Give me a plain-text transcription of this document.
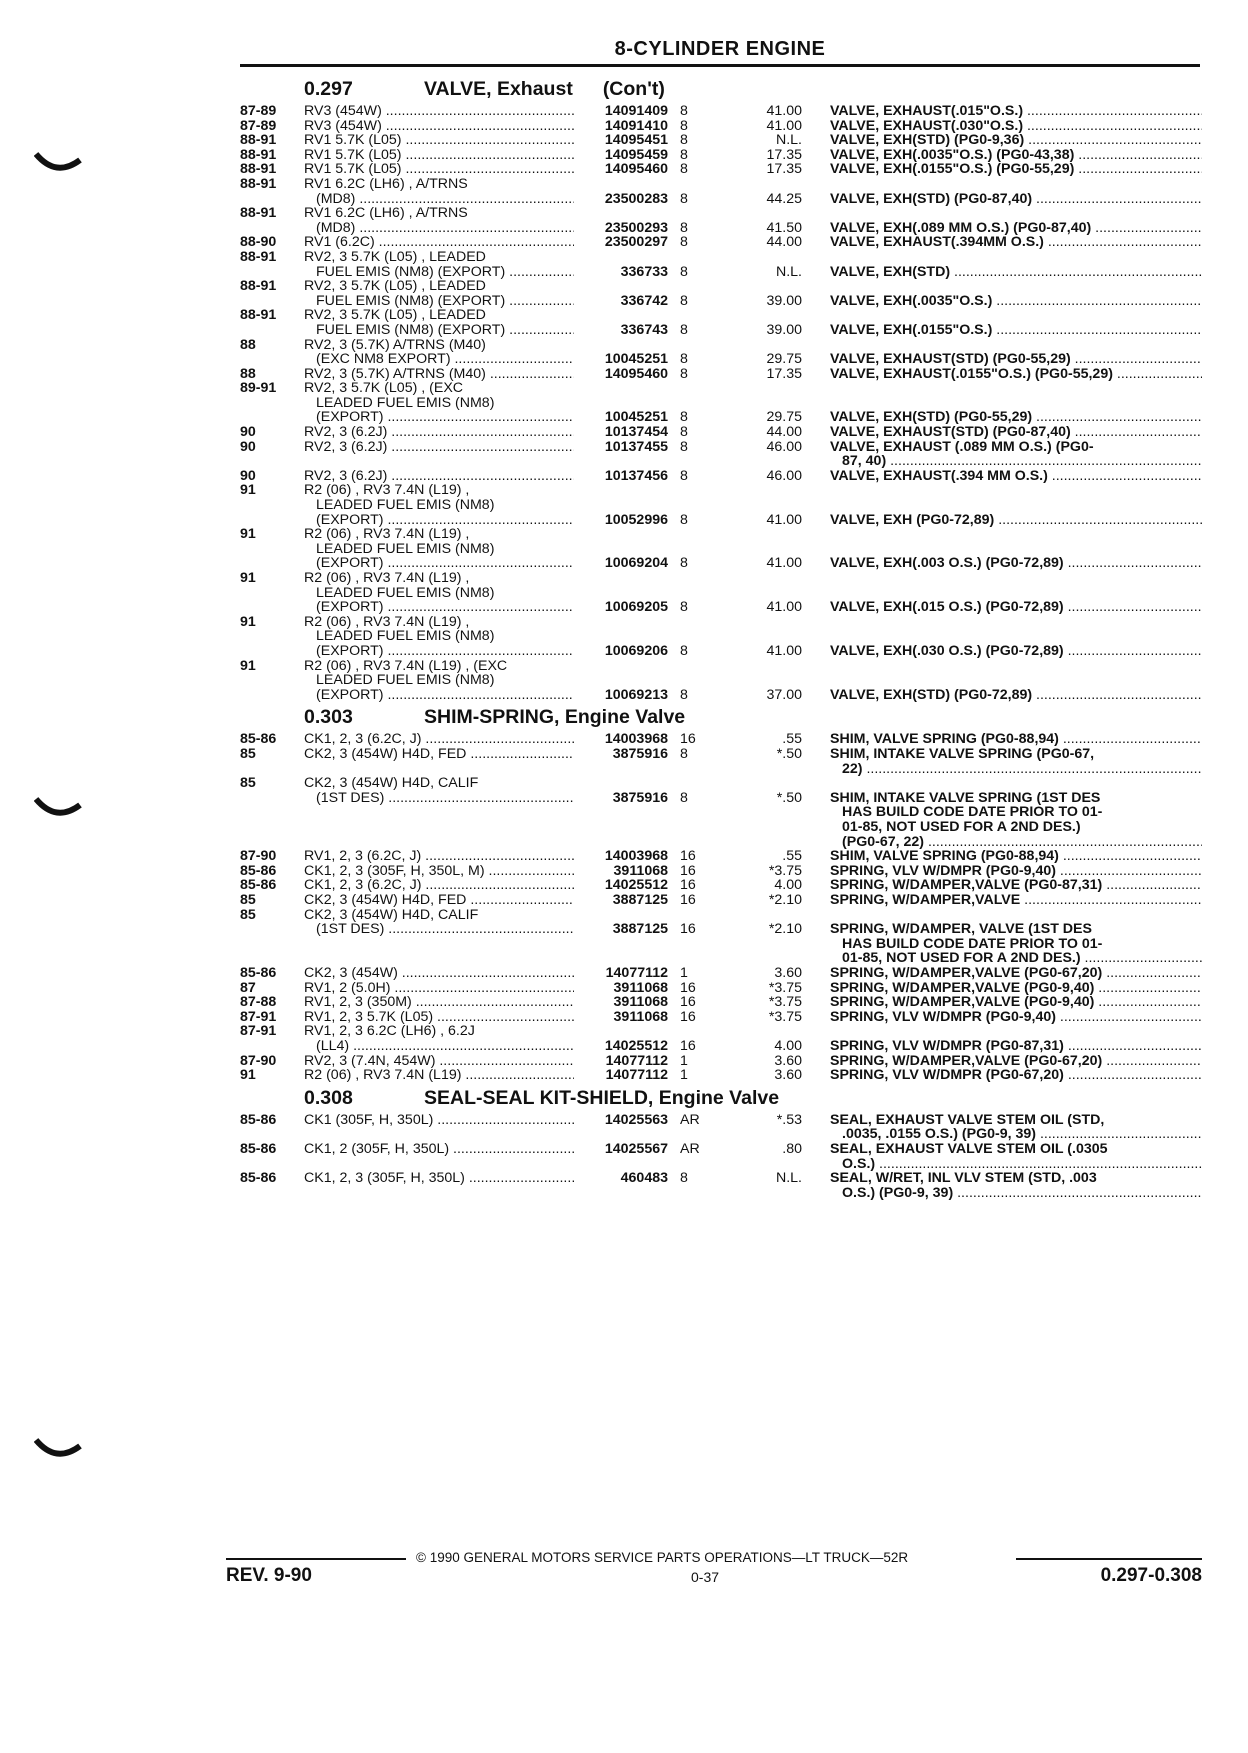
8-CYLINDER ENGINE
0.297	VALVE, Exhaust (Con't)
87-89 RV3 (454W) .....	14091409 8	41.00 VALVE, EXHAUST(.015"O.S.) .....
87-89 RV3 (454W) .....	14091410 8	41.00 VALVE, EXHAUST(.030"O.S.) .....
88-91 RV1 5.7K (L05) .....	14095451 8	N.L. VALVE, EXH(STD) (PG0-9,36) .....
88-91 RV1 5.7K (L05) .....	14095459 8	17.35 VALVE, EXH(.0035"O.S.) (PG0-43,38) .....
88-91 RV1 5.7K (L05) .....	14095460 8	17.35 VALVE, EXH(.0155"O.S.) (PG0-55,29) .....
88-91 RV1 6.2C (LH6) , A/TRNS
(MD8) .....	23500283 8	44.25 VALVE, EXH(STD) (PG0-87,40) .....
88-91 RV1 6.2C (LH6) , A/TRNS
(MD8) .....	23500293 8	41.50 VALVE, EXH(.089 MM O.S.) (PG0-87,40) .....
88-90 RV1 (6.2C) .....	23500297 8	44.00 VALVE, EXHAUST(.394MM O.S.) .....
88-91 RV2, 3 5.7K (L05) , LEADED
FUEL EMIS (NM8) (EXPORT) .....	336733 8	N.L. VALVE, EXH(STD) .....
88-91 RV2, 3 5.7K (L05) , LEADED
FUEL EMIS (NM8) (EXPORT) .....	336742 8	39.00 VALVE, EXH(.0035"O.S.) .....
88-91 RV2, 3 5.7K (L05) , LEADED
FUEL EMIS (NM8) (EXPORT) .....	336743 8	39.00 VALVE, EXH(.0155"O.S.) .....
88	RV2, 3 (5.7K) A/TRNS (M40)
(EXC NM8 EXPORT) .....	10045251 8	29.75 VALVE, EXHAUST(STD) (PG0-55,29) .....
88	RV2, 3 (5.7K) A/TRNS (M40) .....	14095460 8	17.35 VALVE, EXHAUST(.0155"O.S.) (PG0-55,29) .....
89-91 RV2, 3 5.7K (L05) , (EXC
LEADED FUEL EMIS (NM8)
(EXPORT) .....	10045251 8	29.75 VALVE, EXH(STD) (PG0-55,29) .....
90	RV2, 3 (6.2J) .....	10137454 8	44.00 VALVE, EXHAUST(STD) (PG0-87,40) .....
90	RV2, 3 (6.2J) .....	10137455 8	46.00 VALVE, EXHAUST (.089 MM O.S.) (PG0-
87, 40) .....
90	RV2, 3 (6.2J) .....	10137456 8	46.00 VALVE, EXHAUST(.394 MM O.S.) .....
91	R2 (06) , RV3 7.4N (L19) ,
LEADED FUEL EMIS (NM8)
(EXPORT) .....	10052996 8	41.00 VALVE, EXH (PG0-72,89) .....
91	R2 (06) , RV3 7.4N (L19) ,
LEADED FUEL EMIS (NM8)
(EXPORT) .....	10069204 8	41.00 VALVE, EXH(.003 O.S.) (PG0-72,89) .....
91	R2 (06) , RV3 7.4N (L19) ,
LEADED FUEL EMIS (NM8)
(EXPORT) .....	10069205 8	41.00 VALVE, EXH(.015 O.S.) (PG0-72,89) .....
91	R2 (06) , RV3 7.4N (L19) ,
LEADED FUEL EMIS (NM8)
(EXPORT) .....	10069206 8	41.00 VALVE, EXH(.030 O.S.) (PG0-72,89) .....
91	R2 (06) , RV3 7.4N (L19) , (EXC
LEADED FUEL EMIS (NM8)
(EXPORT) .....	10069213 8	37.00 VALVE, EXH(STD) (PG0-72,89) .....
0.303	SHIM-SPRING, Engine Valve
85-86 CK1, 2, 3 (6.2C, J) .....	14003968 16	.55 SHIM, VALVE SPRING (PG0-88,94) .....
85	CK2, 3 (454W) H4D, FED .....	3875916 8	*.50 SHIM, INTAKE VALVE SPRING (PG0-67,
22) .....
85	CK2, 3 (454W) H4D, CALIF
(1ST DES) .....	3875916 8	*.50 SHIM, INTAKE VALVE SPRING (1ST DES
HAS BUILD CODE DATE PRIOR TO 01-
01-85, NOT USED FOR A 2ND DES.)
(PG0-67, 22) .....
87-90 RV1, 2, 3 (6.2C, J) .....	14003968 16	.55 SHIM, VALVE SPRING (PG0-88,94) .....
85-86 CK1, 2, 3 (305F, H, 350L, M) .....	3911068 16	*3.75 SPRING, VLV W/DMPR (PG0-9,40) .....
85-86 CK1, 2, 3 (6.2C, J) .....	14025512 16	4.00 SPRING, W/DAMPER,VALVE (PG0-87,31) .....
85	CK2, 3 (454W) H4D, FED .....	3887125 16	*2.10 SPRING, W/DAMPER,VALVE .....
85	CK2, 3 (454W) H4D, CALIF
(1ST DES) .....	3887125 16	*2.10 SPRING, W/DAMPER, VALVE (1ST DES
HAS BUILD CODE DATE PRIOR TO 01-
01-85, NOT USED FOR A 2ND DES.) .....
85-86 CK2, 3 (454W) .....	14077112 1	3.60 SPRING, W/DAMPER,VALVE (PG0-67,20) .....
87	RV1, 2 (5.0H) .....	3911068 16	*3.75 SPRING, W/DAMPER,VALVE (PG0-9,40) .....
87-88 RV1, 2, 3 (350M) .....	3911068 16	*3.75 SPRING, W/DAMPER,VALVE (PG0-9,40) .....
87-91 RV1, 2, 3 5.7K (L05) .....	3911068 16	*3.75 SPRING, VLV W/DMPR (PG0-9,40) .....
87-91 RV1, 2, 3 6.2C (LH6) , 6.2J
(LL4) .....	14025512 16	4.00 SPRING, VLV W/DMPR (PG0-87,31) .....
87-90 RV2, 3 (7.4N, 454W) .....	14077112 1	3.60 SPRING, W/DAMPER,VALVE (PG0-67,20) .....
91	R2 (06) , RV3 7.4N (L19) .....	14077112 1	3.60 SPRING, VLV W/DMPR (PG0-67,20) .....
0.308	SEAL-SEAL KIT-SHIELD, Engine Valve
85-86 CK1 (305F, H, 350L) .....	14025563 AR	*.53 SEAL, EXHAUST VALVE STEM OIL (STD,
.0035, .0155 O.S.) (PG0-9, 39) .....
85-86 CK1, 2 (305F, H, 350L) .....	14025567 AR	.80 SEAL, EXHAUST VALVE STEM OIL (.0305
O.S.) .....
85-86 CK1, 2, 3 (305F, H, 350L) .....	460483 8	N.L. SEAL, W/RET, INL VLV STEM (STD, .003
O.S.) (PG0-9, 39) .....
© 1990 GENERAL MOTORS SERVICE PARTS OPERATIONS—LT TRUCK—52R
REV. 9-90	0-37	0.297-0.308
